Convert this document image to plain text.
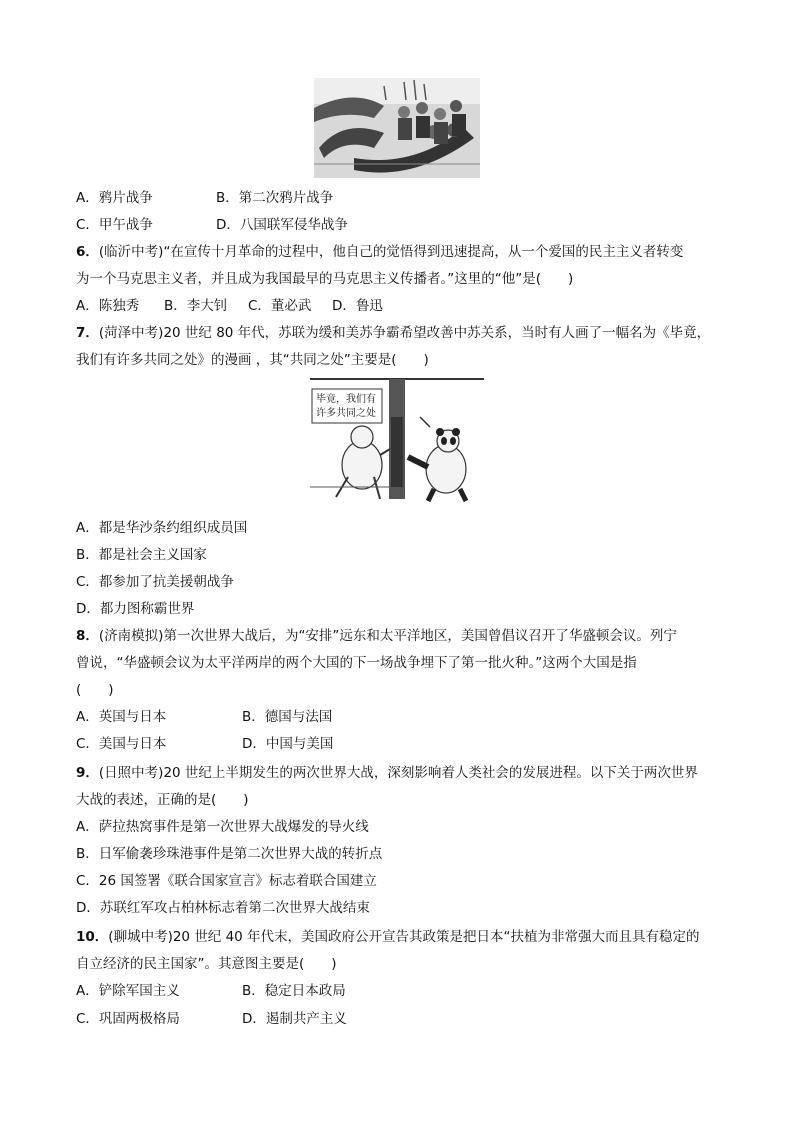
A．鸦片战争	B．第二次鸦片战争
C．甲午战争	D．八国联军侵华战争
6．(临沂中考)“在宣传十月革命的过程中，他自己的觉悟得到迅速提高，从一个爱国的民主主义者转变
为一个马克思主义者，并且成为我国最早的马克思主义传播者。”这里的“他”是(　　)
A．陈独秀 B．李大钊 C．董必武 D．鲁迅
7．(菏泽中考)20 世纪 80 年代，苏联为缓和美苏争霸希望改善中苏关系，当时有人画了一幅名为《毕竟，
我们有许多共同之处》的漫画 ，其“共同之处”主要是(　　)
毕竟，我们有
许多共同之处
A．都是华沙条约组织成员国
B．都是社会主义国家
C．都参加了抗美援朝战争
D．都力图称霸世界
8．(济南模拟)第一次世界大战后，为“安排”远东和太平洋地区，美国曾倡议召开了华盛顿会议。列宁
曾说，“华盛顿会议为太平洋两岸的两个大国的下一场战争埋下了第一批火种。”这两个大国是指
(　　)
A．英国与日本	B．德国与法国
C．美国与日本	D．中国与美国
9．(日照中考)20 世纪上半期发生的两次世界大战，深刻影响着人类社会的发展进程。以下关于两次世界
大战的表述，正确的是(　　)
A．萨拉热窝事件是第一次世界大战爆发的导火线
B．日军偷袭珍珠港事件是第二次世界大战的转折点
C．26 国签署《联合国家宣言》标志着联合国建立
D．苏联红军攻占柏林标志着第二次世界大战结束
10．(聊城中考)20 世纪 40 年代末，美国政府公开宣告其政策是把日本“扶植为非常强大而且具有稳定的
自立经济的民主国家”。其意图主要是(　　)
A．铲除军国主义	B．稳定日本政局
C．巩固两极格局	D．遏制共产主义
